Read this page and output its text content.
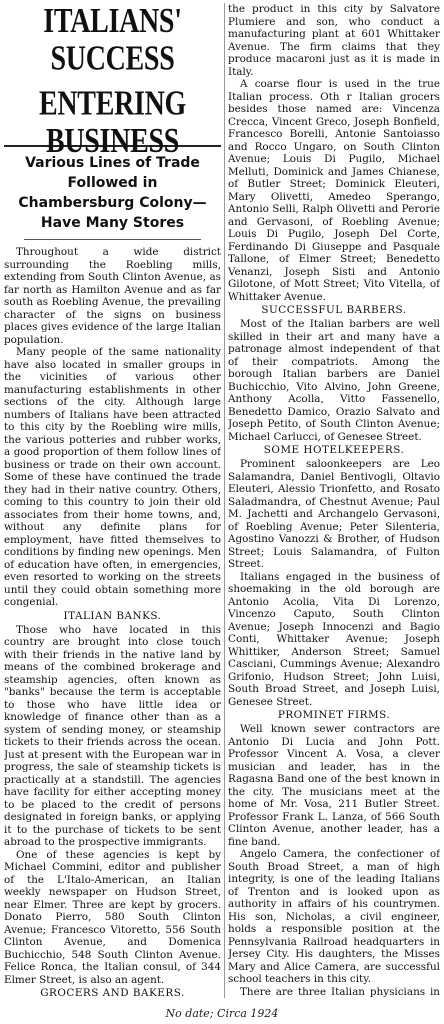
ITALIANS' SUCCESS
ENTERING BUSINESS
Various Lines of Trade Followed in Chambersburg Colony—Have Many Stores

Throughout a wide district surrounding the Roebling mills, extending from South Clinton Avenue, as far north as Hamilton Avenue and as far south as Roebling Avenue, the prevailing character of the signs on business places gives evidence of the large Italian population.

Many people of the same nationality have also located in smaller groups in the vicinities of various other manufacturing establishments in other sections of the city. Although large numbers of Italians have been attracted to this city by the Roebling wire mills, the various potteries and rubber works, a good proportion of them follow lines of business or trade on their own account. Some of these have continued the trade they had in their native country. Others, coming to this country to join their old associates from their home towns, and, without any definite plans for employment, have fitted themselves to conditions by finding new openings. Men of education have often, in emergencies, even resorted to working on the streets until they could obtain something more congenial.

ITALIAN BANKS.

Those who have located in this country are brought into close touch with their friends in the native land by means of the combined brokerage and steamship agencies, often known as "banks" because the term is acceptable to those who have little idea or knowledge of finance other than as a system of sending money, or steamship tickets to their friends across the ocean. Just at present with the European war in progress, the sale of steamship tickets is practically at a standstill. The agencies have facility for either accepting money to be placed to the credit of persons designated in foreign banks, or applying it to the purchase of tickets to be sent abroad to the prospective immigrants.

One of these agencies is kept by Michael Commini, editor and publisher of the L'Italo-American, an Italian weekly newspaper on Hudson Street, near Elmer. Three are kept by grocers. Donato Pierro, 580 South Clinton Avenue; Francesco Vitoretto, 556 South Clinton Avenue, and Domenica Buchicchio, 548 South Clinton Avenue. Felice Ronca, the Italian consul, of 344 Elmer Street, is also an agent.

GROCERS AND BAKERS.

the product in this city by Salvatore Plumiere and son, who conduct a manufacturing plant at 601 Whittaker Avenue. The firm claims that they produce macaroni just as it is made in Italy.

A coarse flour is used in the true Italian process. Oth r Italian grocers besides those named are: Vincenza Crecca, Vincent Greco, Joseph Bonfield, Francesco Borelli, Antonie Santoiasso and Rocco Ungaro, on South Clinton Avenue; Louis Di Pugilo, Michael Melluti, Dominick and James Chianese, of Butler Street; Dominick Eleuteri, Mary Olivetti, Amedeo Sperango, Antonio Selli, Ralph Olivetti and Perorie and Gervasoni, of Roebling Avenue; Louis Di Pugilo, Joseph Del Corte, Ferdinando Di Giuseppe and Pasquale Tallone, of Elmer Street; Benedetto Venanzi, Joseph Sisti and Antonio Gilotone, of Mott Street; Vito Vitella, of Whittaker Avenue.

SUCCESSFUL BARBERS.

Most of the Italian barbers are well skilled in their art and many have a patronage almost independent of that of their compatriots. Among the borough Italian barbers are Daniel Buchicchio, Vito Alvino, John Greene, Anthony Acolla, Vitto Fassenello, Benedetto Damico, Orazio Salvato and Joseph Petito, of South Clinton Avenue; Michael Carlucci, of Genesee Street.

SOME HOTELKEEPERS.

Prominent saloonkeepers are Leo Salamandra, Daniel Bentivogli, Oltavio Eleuteri, Alessio Trionfetto, and Rosato Saladmandra, of Chestnut Avenue; Paul M. Jachetti and Archangelo Gervasoni, of Roebling Avenue; Peter Silenteria, Agostino Vanozzi & Brother, of Hudson Street; Louis Salamandra, of Fulton Street.

Italians engaged in the business of shoemaking in the old borough are Antonio Acolia, Vita Di Lorenzo, Vincenzo Caputo, South Clinton Avenue; Joseph Innocenzi and Bagio Conti, Whittaker Avenue; Joseph Whittiker, Anderson Street; Samuel Casciani, Cummings Avenue; Alexandro Grifonio, Hudson Street; John Luisi, South Broad Street, and Joseph Luisi, Genesee Street.

PROMINET FIRMS.

Well known sewer contractors are Antonio Di Lucia and John Pott. Professor Vincent A. Vosa, a clever musician and leader, has in the Ragasna Band one of the best known in the city. The musicians meet at the home of Mr. Vosa, 211 Butler Street. Professor Frank L. Lanza, of 566 South Clinton Avenue, another leader, has a fine band.

Angelo Camera, the confectioner of South Broad Street, a man of high integrity, is one of the leading Italians of Trenton and is looked upon as authority in affairs of his countrymen. His son, Nicholas, a civil engineer, holds a responsible position at the Pennsylvania Railroad headquarters in Jersey City. His daughters, the Misses Mary and Alice Camera, are successful school teachers in this city.

There are three Italian physicians in

No date; Circa 1924
